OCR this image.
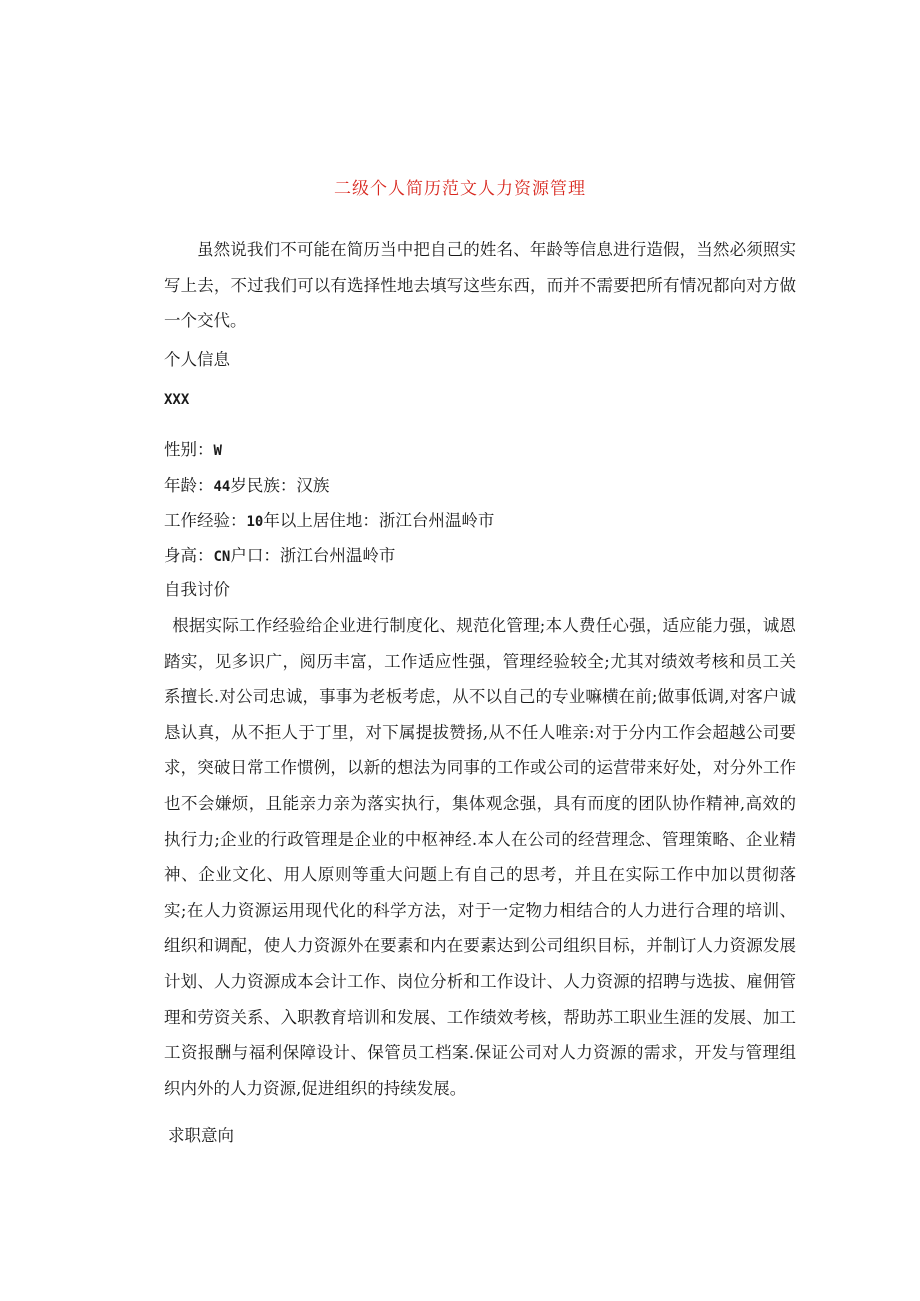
二级个人简历范文人力资源管理

虽然说我们不可能在简历当中把自己的姓名、年龄等信息进行造假，当然必须照实写上去，不过我们可以有选择性地去填写这些东西，而并不需要把所有情况都向对方做一个交代。

个人信息
XXX
性别：W
年龄：44岁民族：汉族
工作经验：10年以上居住地：浙江台州温岭市
身高：CN户口：浙江台州温岭市
自我讨价

根据实际工作经验给企业进行制度化、规范化管理;本人费任心强，适应能力强，诚恩踏实，见多识广，阅历丰富，工作适应性强，管理经验较全;尤其对绩效考核和员工关系擅长.对公司忠诚，事事为老板考虑，从不以自己的专业嘛横在前;做事低调,对客户诚恳认真，从不拒人于丁里，对下属提拔赞扬,从不任人唯亲:对于分内工作会超越公司要求，突破日常工作惯例，以新的想法为同事的工作或公司的运营带来好处，对分外工作也不会嫌烦，且能亲力亲为落实执行，集体观念强，具有而度的团队协作精神,高效的执行力;企业的行政管理是企业的中枢神经.本人在公司的经营理念、管理策略、企业精神、企业文化、用人原则等重大问题上有自己的思考，并且在实际工作中加以贯彻落实;在人力资源运用现代化的科学方法，对于一定物力相结合的人力进行合理的培训、组织和调配，使人力资源外在要素和内在要素达到公司组织目标，并制订人力资源发展计划、人力资源成本会计工作、岗位分析和工作设计、人力资源的招聘与选拔、雇佣管理和劳资关系、入职教育培训和发展、工作绩效考核，帮助苏工职业生涯的发展、加工工资报酬与福利保障设计、保管员工档案.保证公司对人力资源的需求，开发与管理组织内外的人力资源,促进组织的持续发展。

求职意向
